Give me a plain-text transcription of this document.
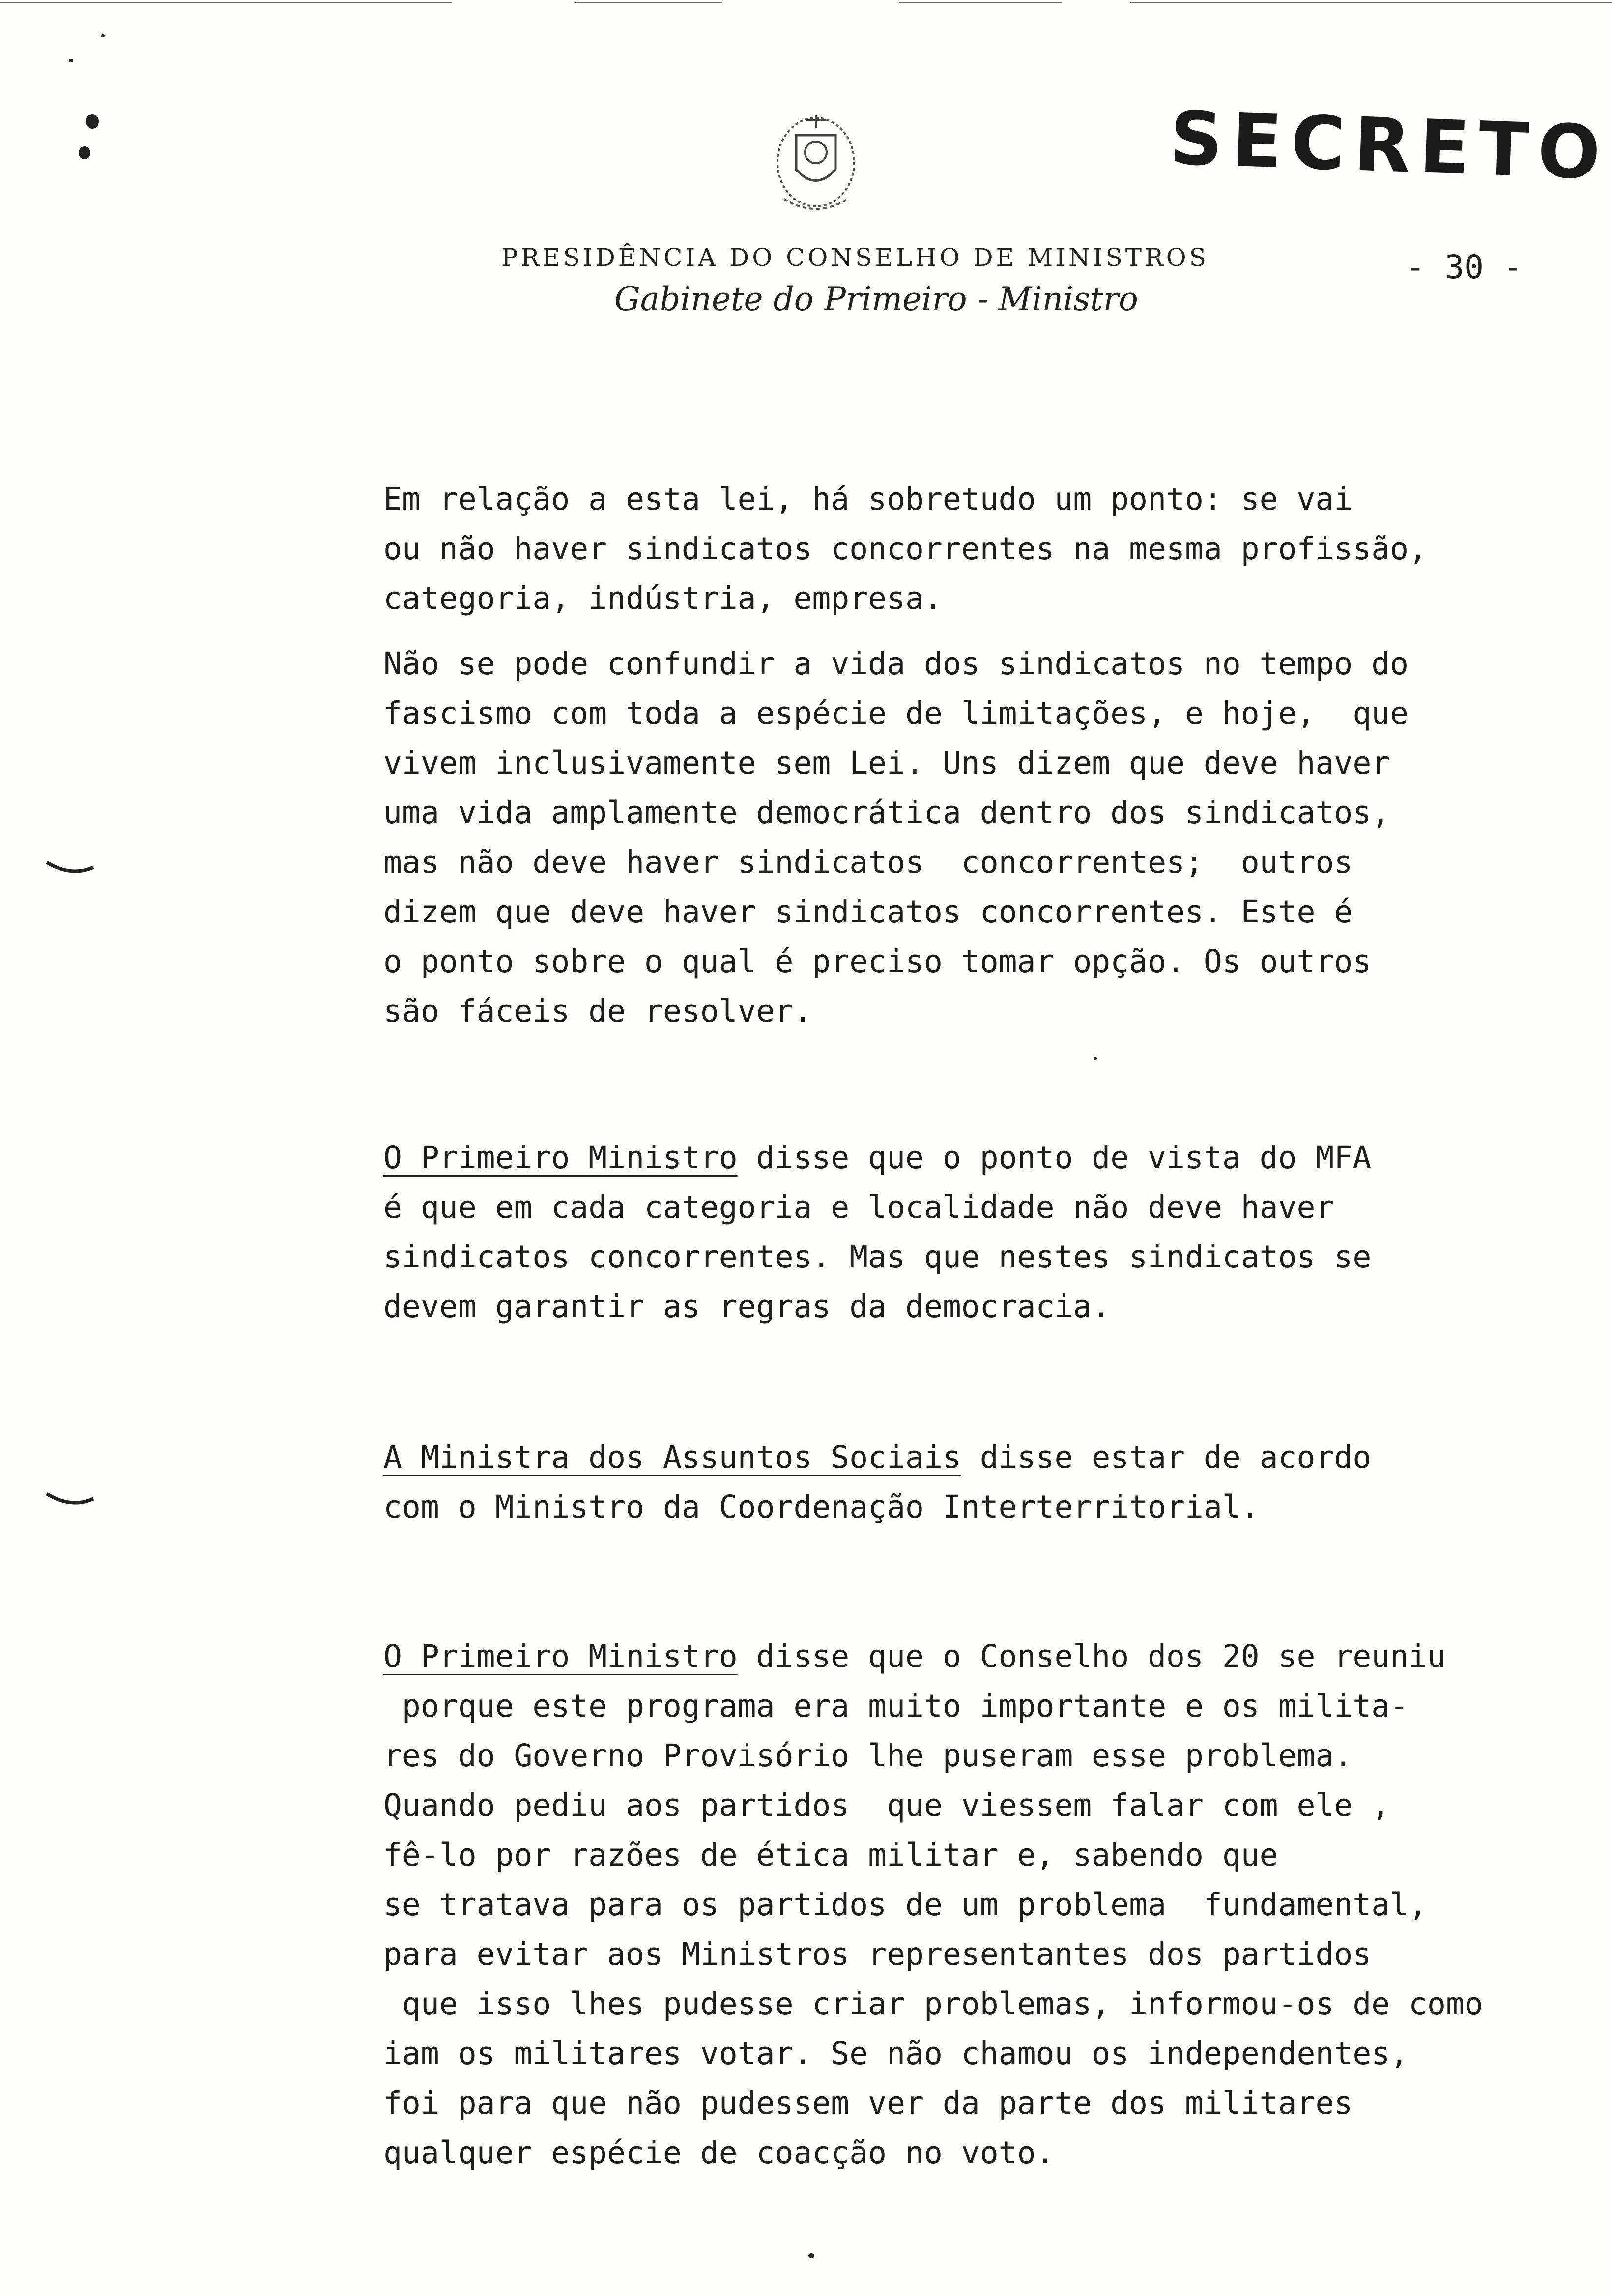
SECRETO
PRESIDÊNCIA DO CONSELHO DE MINISTROS
Gabinete do Primeiro - Ministro
- 30 -
Em relação a esta lei, há sobretudo um ponto: se vai
ou não haver sindicatos concorrentes na mesma profissão,
categoria, indústria, empresa.
Não se pode confundir a vida dos sindicatos no tempo do
fascismo com toda a espécie de limitações, e hoje,  que
vivem inclusivamente sem Lei. Uns dizem que deve haver
uma vida amplamente democrática dentro dos sindicatos,
mas não deve haver sindicatos  concorrentes;  outros
dizem que deve haver sindicatos concorrentes. Este é
o ponto sobre o qual é preciso tomar opção. Os outros
são fáceis de resolver.
O Primeiro Ministro disse que o ponto de vista do MFA
é que em cada categoria e localidade não deve haver
sindicatos concorrentes. Mas que nestes sindicatos se
devem garantir as regras da democracia.
A Ministra dos Assuntos Sociais disse estar de acordo
com o Ministro da Coordenação Interterritorial.
O Primeiro Ministro disse que o Conselho dos 20 se reuniu
porque este programa era muito importante e os milita-
res do Governo Provisório lhe puseram esse problema.
Quando pediu aos partidos  que viessem falar com ele ,
fê-lo por razões de ética militar e, sabendo que
se tratava para os partidos de um problema  fundamental,
para evitar aos Ministros representantes dos partidos
que isso lhes pudesse criar problemas, informou-os de como
iam os militares votar. Se não chamou os independentes,
foi para que não pudessem ver da parte dos militares
qualquer espécie de coacção no voto.
